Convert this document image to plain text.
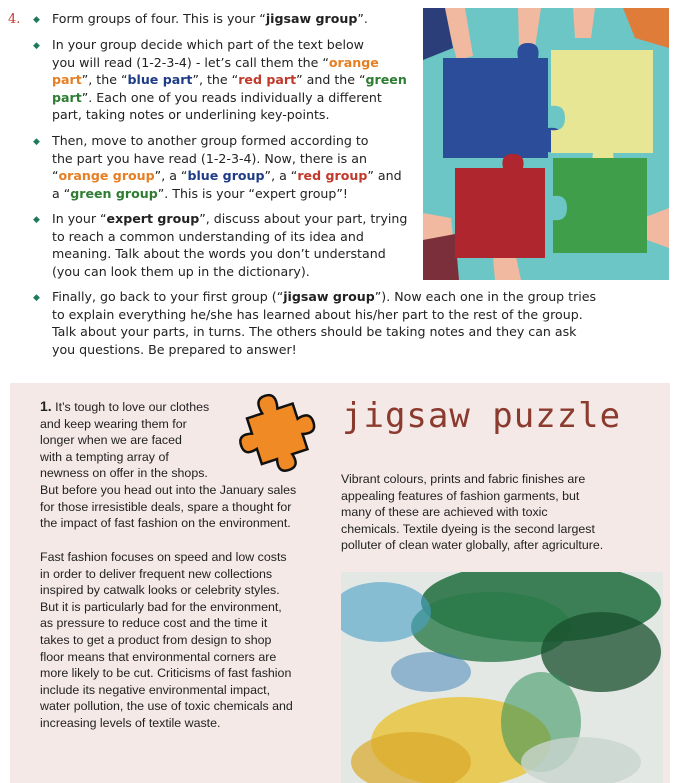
4. ◆ Form groups of four. This is your “jigsaw group”.
◆ In your group decide which part of the text below
you will read (1-2-3-4) - let’s call them the “orange
part”, the “blue part”, the “red part” and the “green
part”. Each one of you reads individually a different
part, taking notes or underlining key-points.
◆ Then, move to another group formed according to
the part you have read (1-2-3-4). Now, there is an
“orange group”, a “blue group”, a “red group” and
a “green group”. This is your “expert group”!
◆ In your “expert group”, discuss about your part, trying
to reach a common understanding of its idea and
meaning. Talk about the words you don’t understand
(you can look them up in the dictionary).
◆ Finally, go back to your first group (“jigsaw group”). Now each one in the group tries
to explain everything he/she has learned about his/her part to the rest of the group.
Talk about your parts, in turns. The others should be taking notes and they can ask
you questions. Be prepared to answer!
jigsaw puzzle

1. It’s tough to love our clothes

and keep wearing them for

longer when we are faced

with a tempting array of

newness on offer in the shops.

But before you head out into the January sales

for those irresistible deals, spare a thought for

the impact of fast fashion on the environment.

Fast fashion focuses on speed and low costs

in order to deliver frequent new collections

inspired by catwalk looks or celebrity styles.

But it is particularly bad for the environment,

as pressure to reduce cost and the time it

takes to get a product from design to shop

floor means that environmental corners are

more likely to be cut. Criticisms of fast fashion

include its negative environmental impact,

water pollution, the use of toxic chemicals and

increasing levels of textile waste.

Vibrant colours, prints and fabric finishes are

appealing features of fashion garments, but

many of these are achieved with toxic

chemicals. Textile dyeing is the second largest

polluter of clean water globally, after agriculture.
